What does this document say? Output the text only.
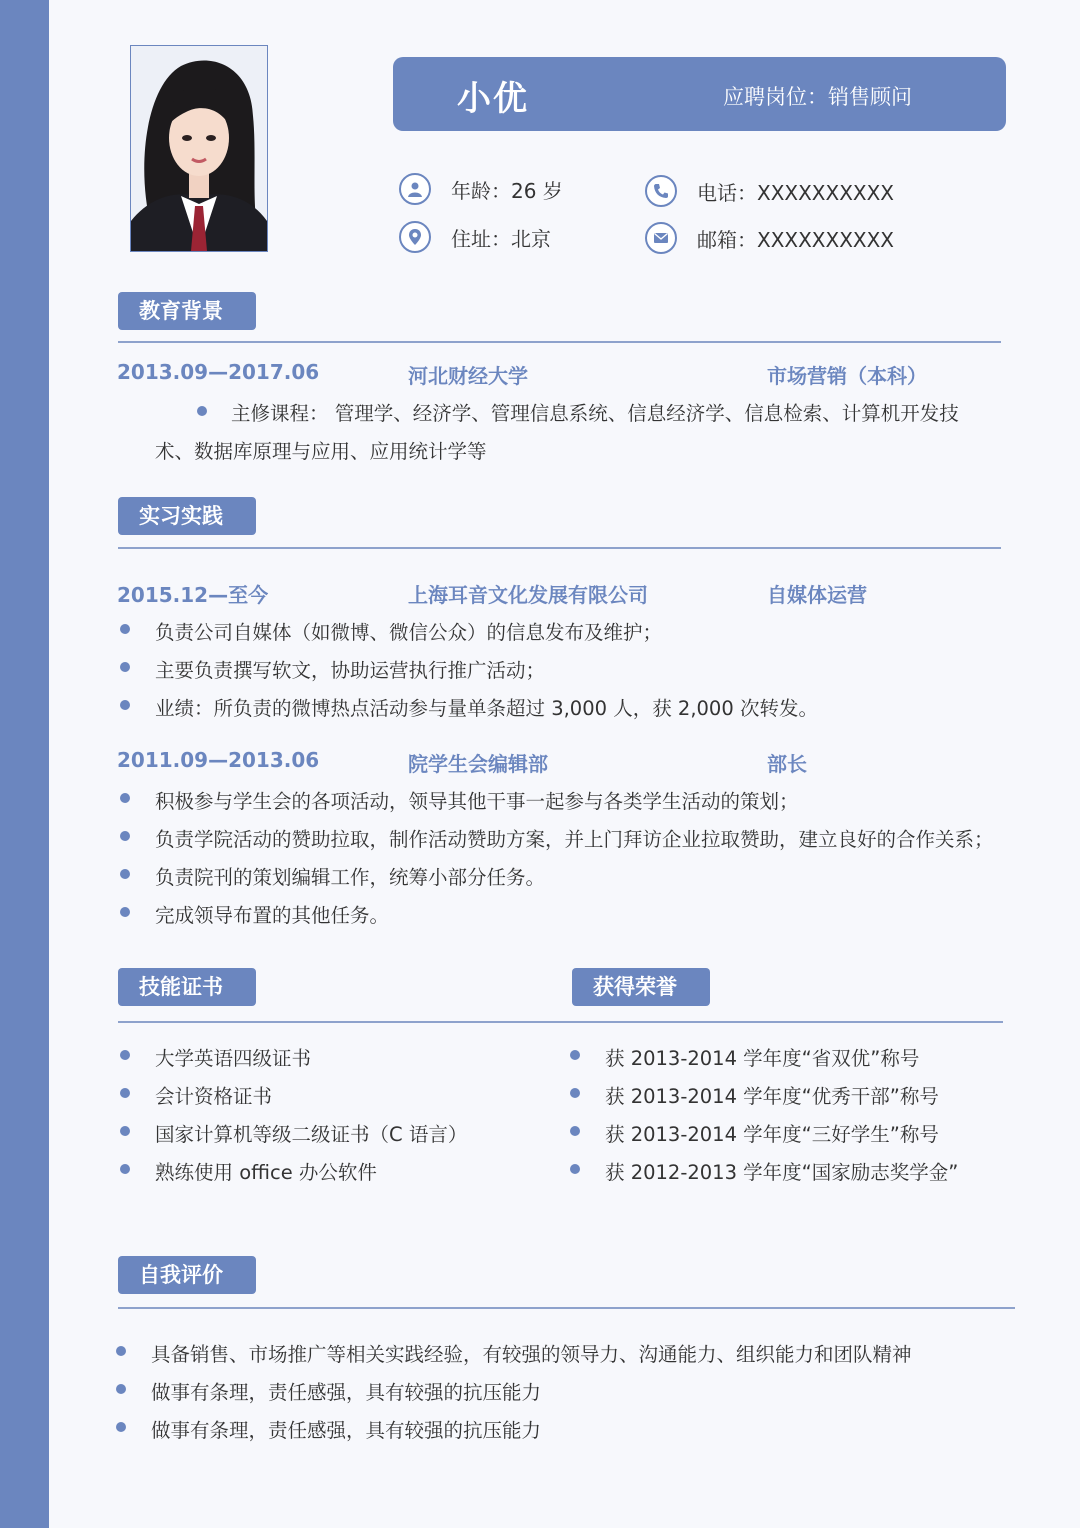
小优	应聘岗位：销售顾问
年龄：26 岁
住址：北京
电话：XXXXXXXXXX
邮箱：XXXXXXXXXX
教育背景
2013.09—2017.06	河北财经大学	市场营销（本科）
主修课程： 管理学、经济学、管理信息系统、信息经济学、信息检索、计算机开发技
术、数据库原理与应用、应用统计学等
实习实践
2015.12—至今	上海耳音文化发展有限公司	自媒体运营
负责公司自媒体（如微博、微信公众）的信息发布及维护；
主要负责撰写软文，协助运营执行推广活动；
业绩：所负责的微博热点活动参与量单条超过 3,000 人，获 2,000 次转发。
2011.09—2013.06	院学生会编辑部	部长
积极参与学生会的各项活动，领导其他干事一起参与各类学生活动的策划；
负责学院活动的赞助拉取，制作活动赞助方案，并上门拜访企业拉取赞助，建立良好的合作关系；
负责院刊的策划编辑工作，统筹小部分任务。
完成领导布置的其他任务。
技能证书	获得荣誉
大学英语四级证书
会计资格证书
国家计算机等级二级证书（C 语言）
熟练使用 office 办公软件
获 2013-2014 学年度“省双优”称号
获 2013-2014 学年度“优秀干部”称号
获 2013-2014 学年度“三好学生”称号
获 2012-2013 学年度“国家励志奖学金”
自我评价
具备销售、市场推广等相关实践经验，有较强的领导力、沟通能力、组织能力和团队精神
做事有条理，责任感强，具有较强的抗压能力
做事有条理，责任感强，具有较强的抗压能力
